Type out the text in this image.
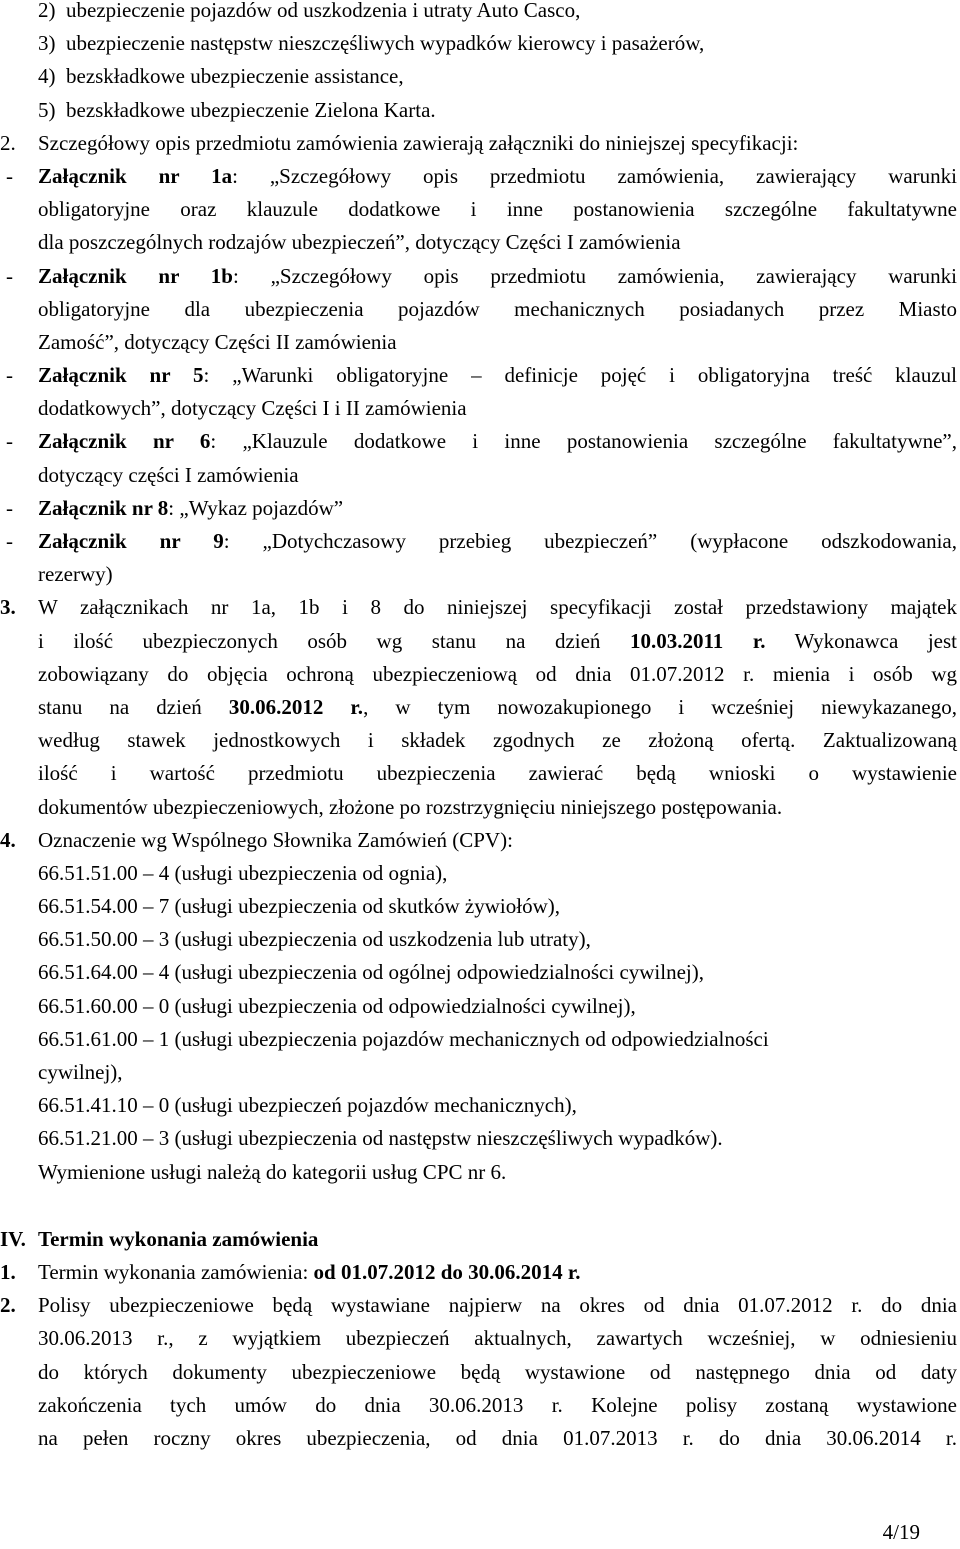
2)  ubezpieczenie pojazdów od uszkodzenia i utraty Auto Casco,
3)  ubezpieczenie następstw nieszczęśliwych wypadków kierowcy i pasażerów,
4)  bezskładkowe ubezpieczenie assistance,
5)  bezskładkowe ubezpieczenie Zielona Karta.
2. Szczegółowy opis przedmiotu zamówienia zawierają załączniki do niniejszej specyfikacji:
- Załącznik nr 1a: „Szczegółowy opis przedmiotu zamówienia, zawierający warunki
obligatoryjne oraz klauzule dodatkowe i inne postanowienia szczególne fakultatywne
dla poszczególnych rodzajów ubezpieczeń”, dotyczący Części I zamówienia
- Załącznik nr 1b: „Szczegółowy opis przedmiotu zamówienia, zawierający warunki
obligatoryjne dla ubezpieczenia pojazdów mechanicznych posiadanych przez Miasto
Zamość”, dotyczący Części II zamówienia
- Załącznik nr 5: „Warunki obligatoryjne – definicje pojęć i obligatoryjna treść klauzul
dodatkowych”, dotyczący Części I i II zamówienia
- Załącznik nr 6: „Klauzule dodatkowe i inne postanowienia szczególne fakultatywne”,
dotyczący części I zamówienia
- Załącznik nr 8: „Wykaz pojazdów”
- Załącznik nr 9: „Dotychczasowy przebieg ubezpieczeń” (wypłacone odszkodowania,
rezerwy)
3. W załącznikach nr 1a, 1b i 8 do niniejszej specyfikacji został przedstawiony majątek
i ilość ubezpieczonych osób wg stanu na dzień 10.03.2011 r. Wykonawca jest
zobowiązany do objęcia ochroną ubezpieczeniową od dnia 01.07.2012 r. mienia i osób wg
stanu na dzień 30.06.2012 r., w tym nowozakupionego i wcześniej niewykazanego,
według stawek jednostkowych i składek zgodnych ze złożoną ofertą. Zaktualizowaną
ilość i wartość przedmiotu ubezpieczenia zawierać będą wnioski o wystawienie
dokumentów ubezpieczeniowych, złożone po rozstrzygnięciu niniejszego postępowania.
4. Oznaczenie wg Wspólnego Słownika Zamówień (CPV):
66.51.51.00 – 4 (usługi ubezpieczenia od ognia),
66.51.54.00 – 7 (usługi ubezpieczenia od skutków żywiołów),
66.51.50.00 – 3 (usługi ubezpieczenia od uszkodzenia lub utraty),
66.51.64.00 – 4 (usługi ubezpieczenia od ogólnej odpowiedzialności cywilnej),
66.51.60.00 – 0 (usługi ubezpieczenia od odpowiedzialności cywilnej),
66.51.61.00 – 1 (usługi ubezpieczenia pojazdów mechanicznych od odpowiedzialności
cywilnej),
66.51.41.10 – 0 (usługi ubezpieczeń pojazdów mechanicznych),
66.51.21.00 – 3 (usługi ubezpieczenia od następstw nieszczęśliwych wypadków).
Wymienione usługi należą do kategorii usług CPC nr 6.
IV. Termin wykonania zamówienia
1. Termin wykonania zamówienia: od 01.07.2012 do 30.06.2014 r.
2. Polisy ubezpieczeniowe będą wystawiane najpierw na okres od dnia 01.07.2012 r. do dnia
30.06.2013 r., z wyjątkiem ubezpieczeń aktualnych, zawartych wcześniej, w odniesieniu
do których dokumenty ubezpieczeniowe będą wystawione od następnego dnia od daty
zakończenia tych umów do dnia 30.06.2013 r. Kolejne polisy zostaną wystawione
na pełen roczny okres ubezpieczenia, od dnia 01.07.2013 r. do dnia 30.06.2014 r.
4/19
